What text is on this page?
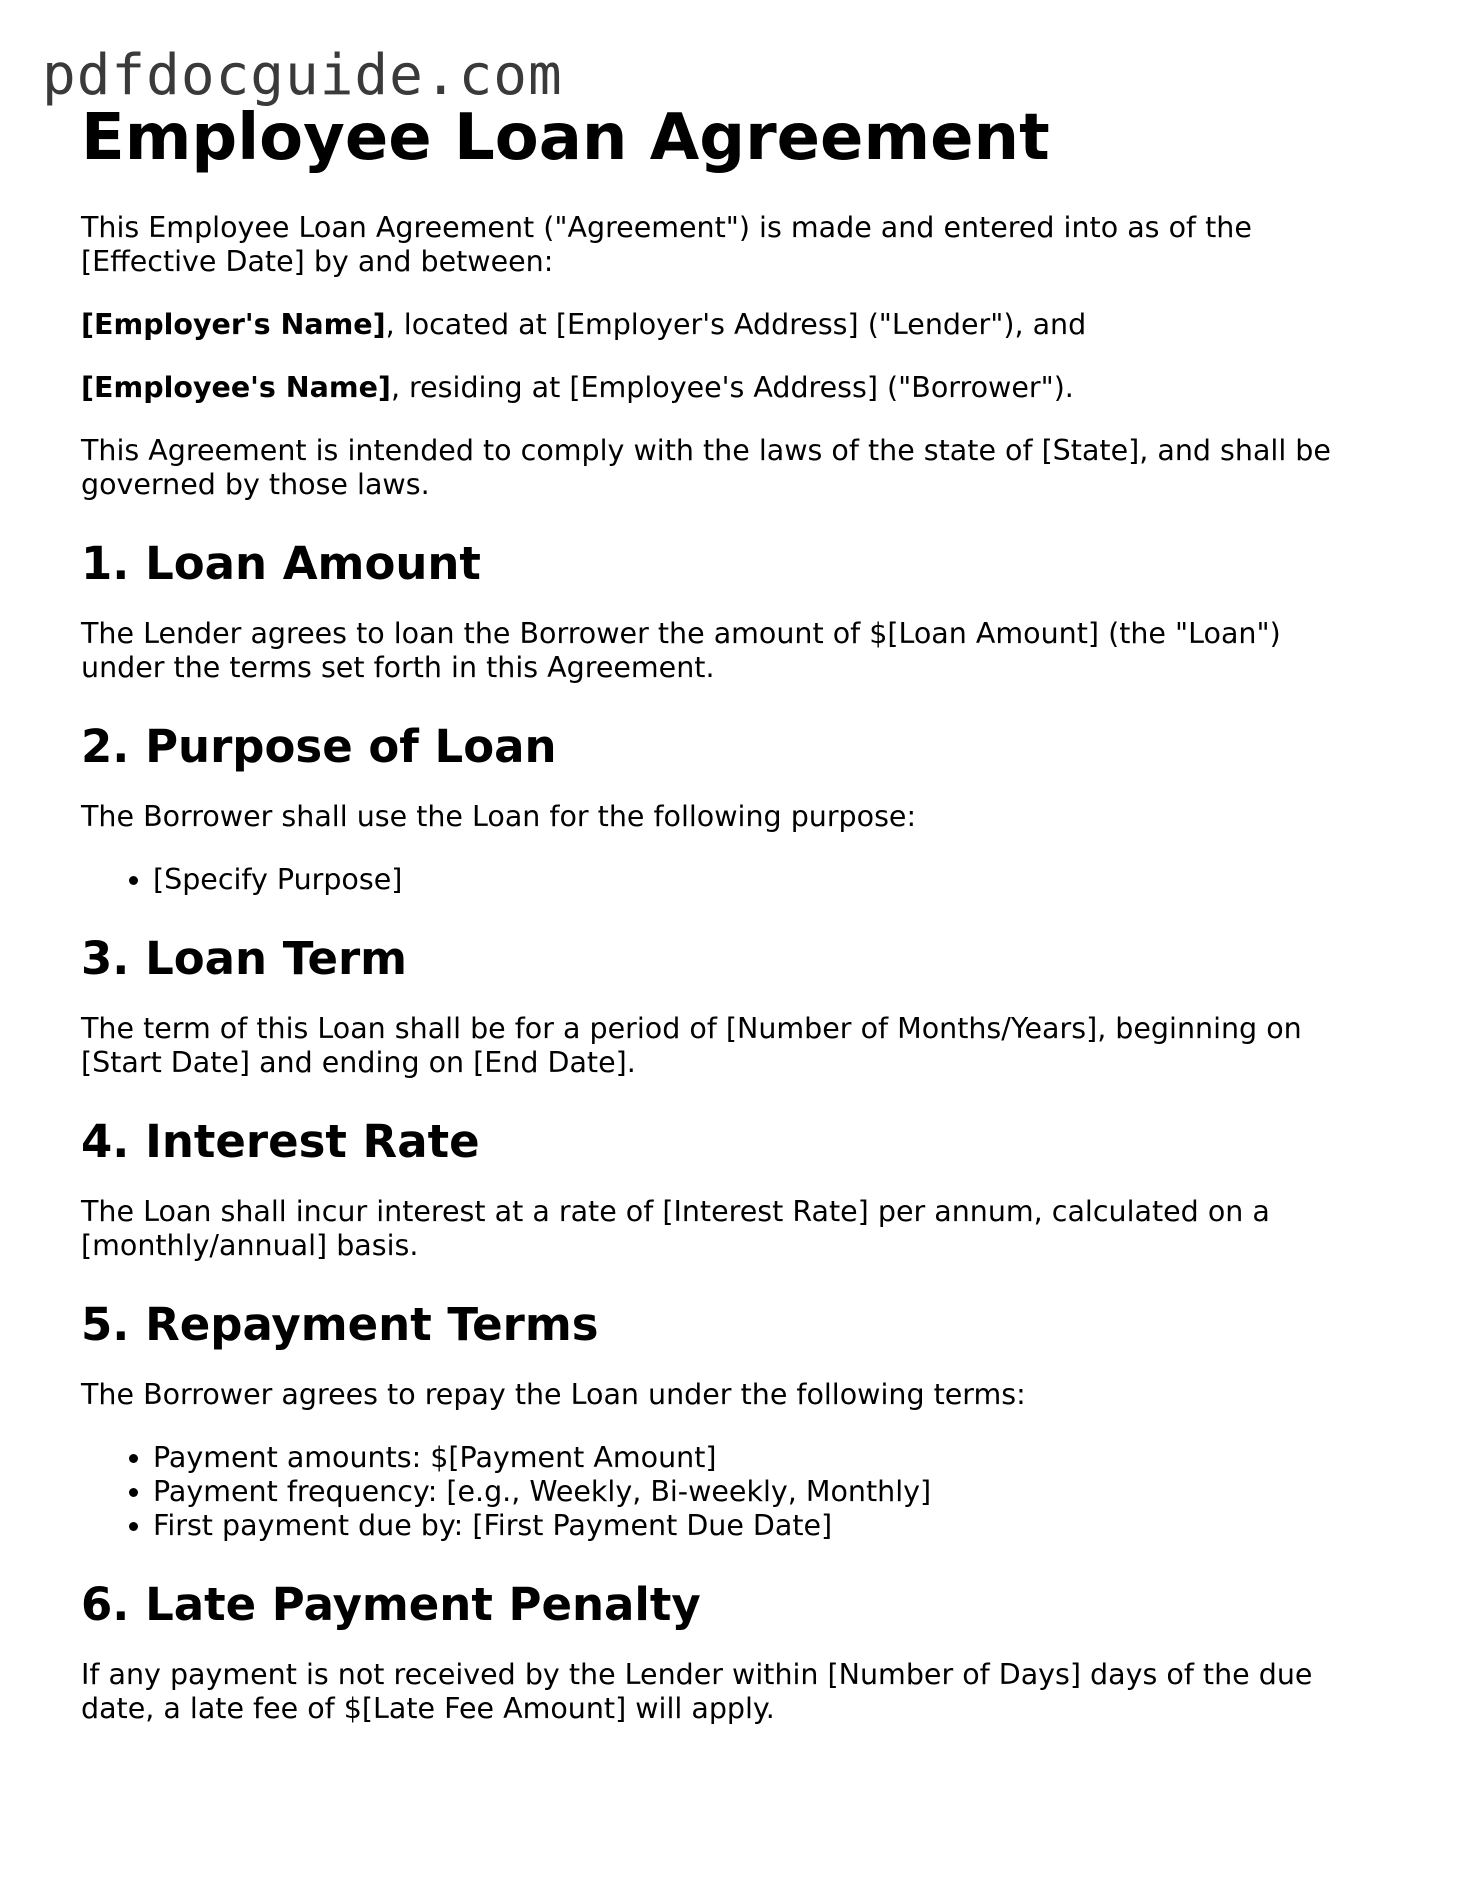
pdfdocguide.com
Employee Loan Agreement

This Employee Loan Agreement ("Agreement") is made and entered into as of the [Effective Date] by and between:

[Employer's Name], located at [Employer's Address] ("Lender"), and

[Employee's Name], residing at [Employee's Address] ("Borrower").

This Agreement is intended to comply with the laws of the state of [State], and shall be governed by those laws.

1. Loan Amount

The Lender agrees to loan the Borrower the amount of $[Loan Amount] (the "Loan") under the terms set forth in this Agreement.

2. Purpose of Loan

The Borrower shall use the Loan for the following purpose:

• [Specify Purpose]
3. Loan Term

The term of this Loan shall be for a period of [Number of Months/Years], beginning on [Start Date] and ending on [End Date].

4. Interest Rate

The Loan shall incur interest at a rate of [Interest Rate] per annum, calculated on a [monthly/annual] basis.

5. Repayment Terms

The Borrower agrees to repay the Loan under the following terms:

• Payment amounts: $[Payment Amount]
• Payment frequency: [e.g., Weekly, Bi-weekly, Monthly]
• First payment due by: [First Payment Due Date]
6. Late Payment Penalty

If any payment is not received by the Lender within [Number of Days] days of the due date, a late fee of $[Late Fee Amount] will apply.
